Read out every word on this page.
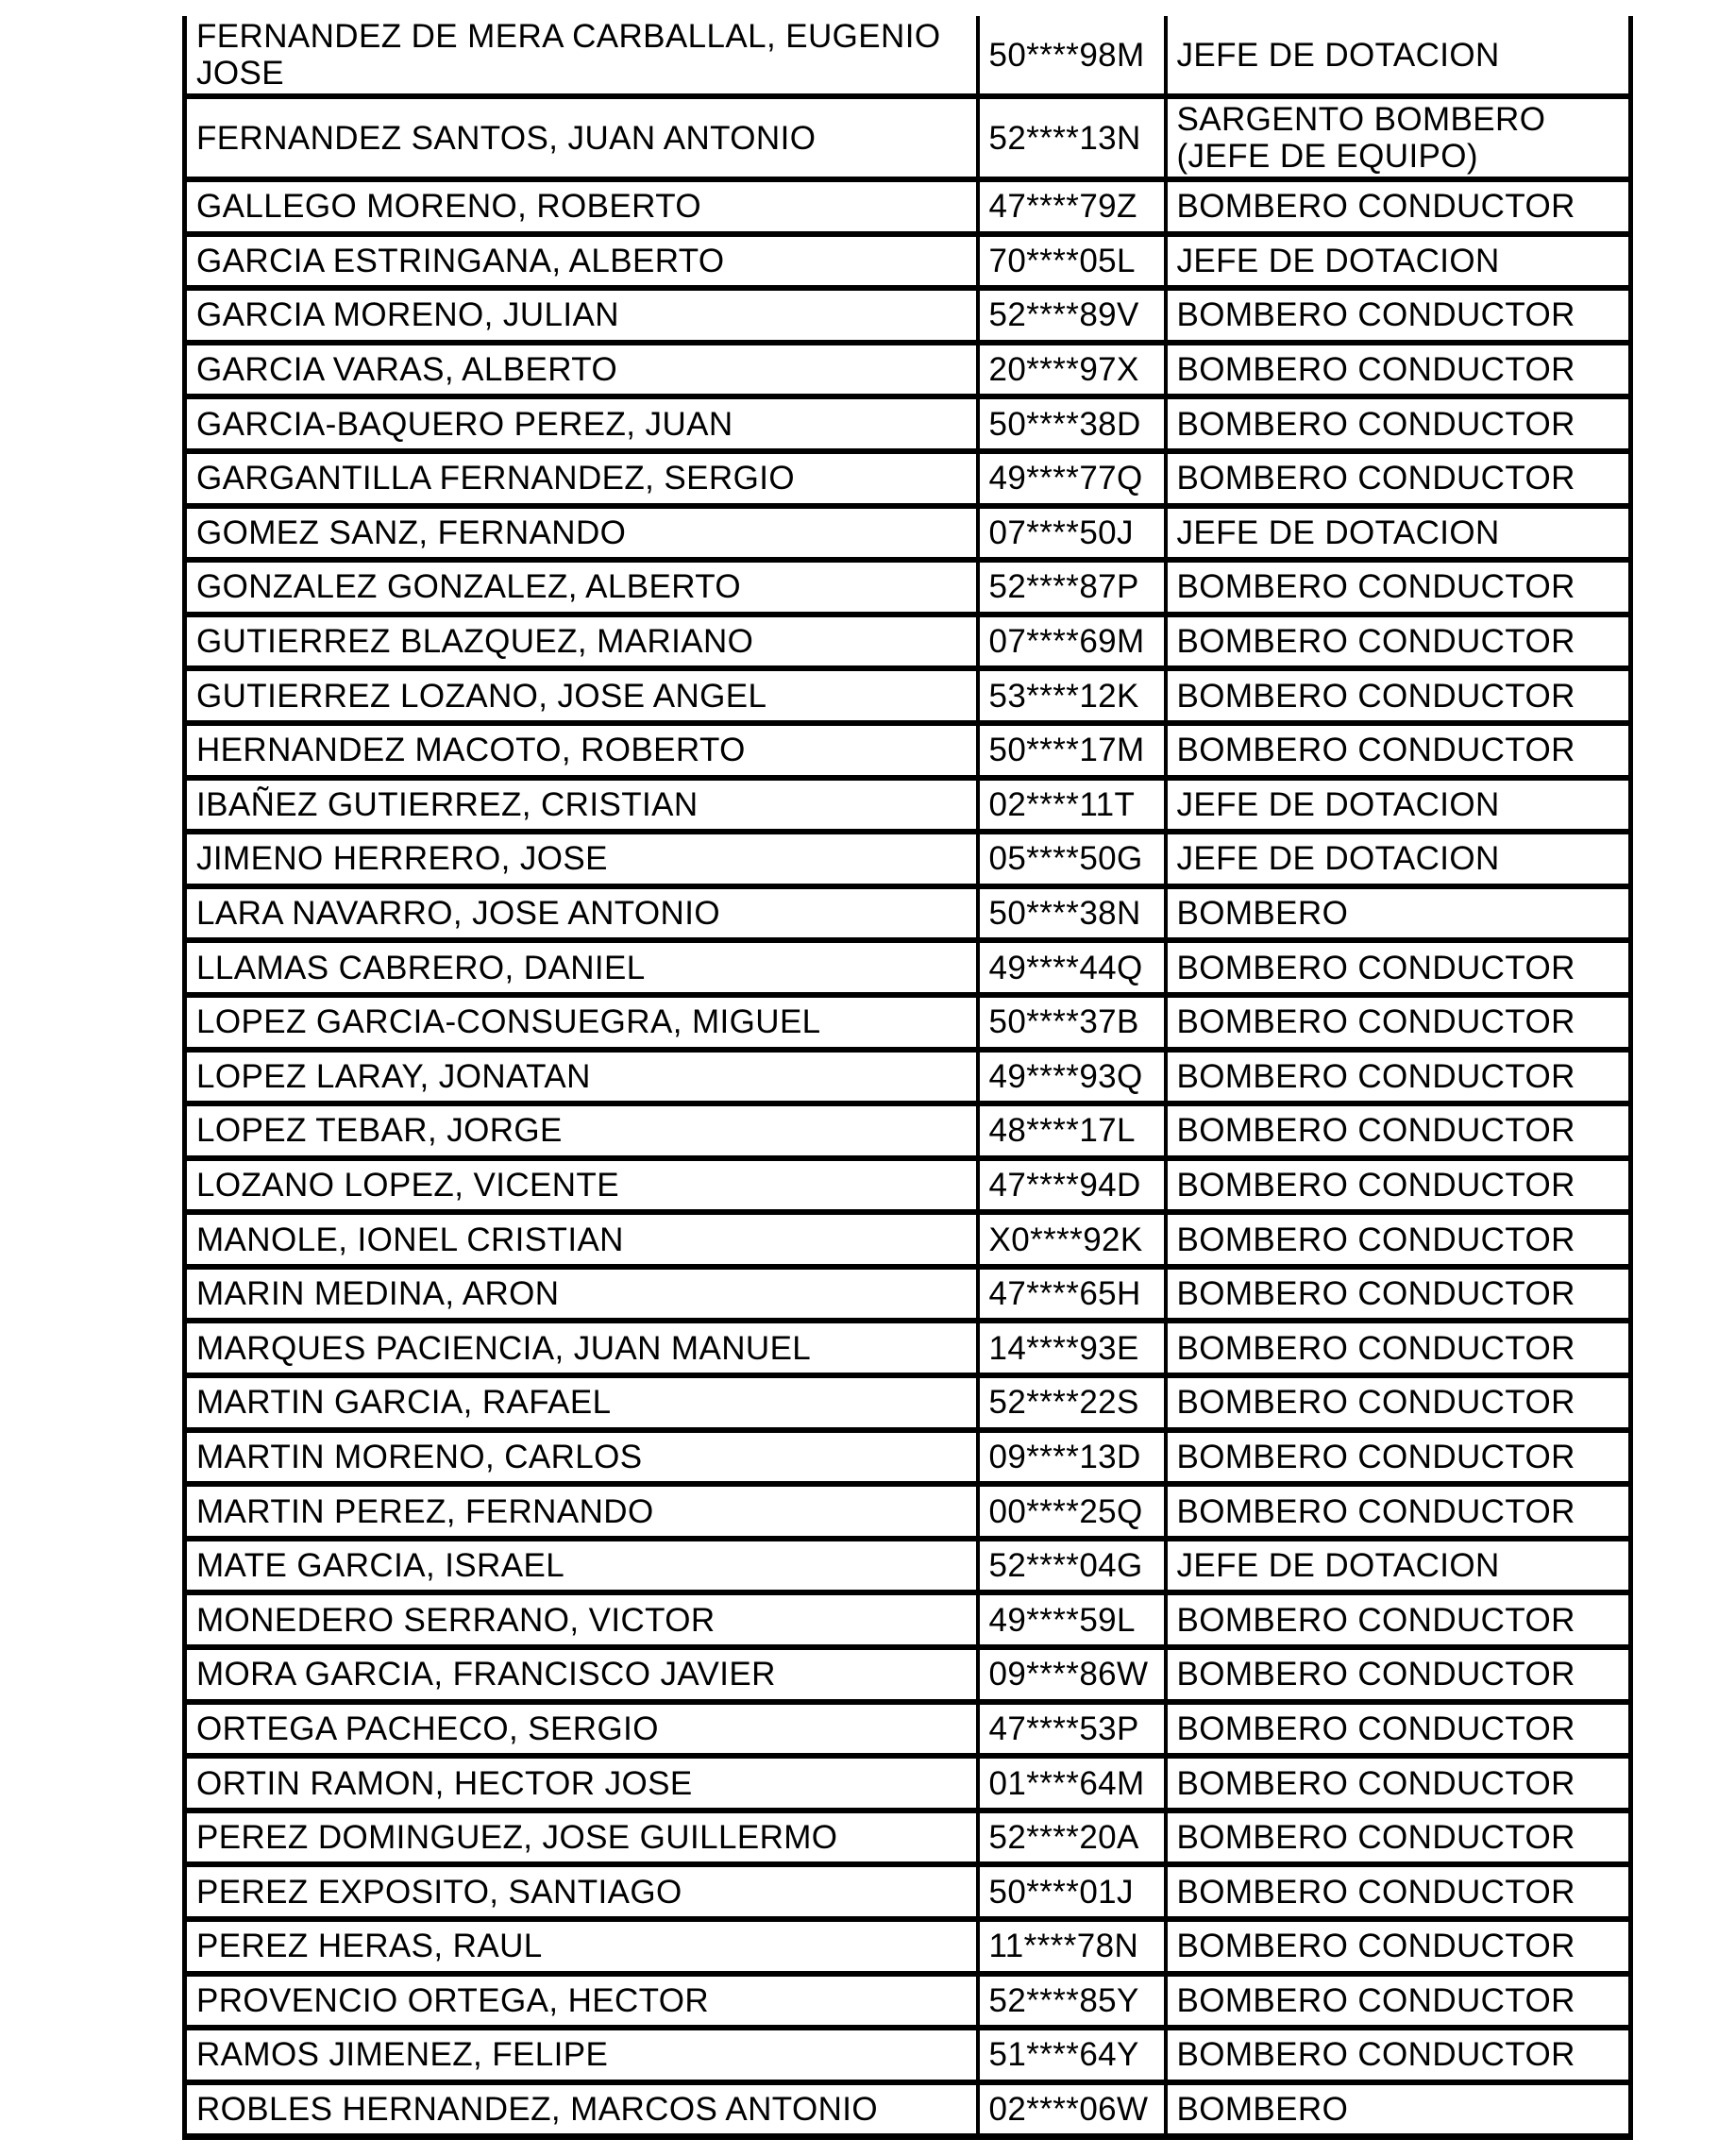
FERNANDEZ DE MERA CARBALLAL, EUGENIO JOSE	50****98M	JEFE DE DOTACION
FERNANDEZ SANTOS, JUAN ANTONIO	52****13N	SARGENTO BOMBERO (JEFE DE EQUIPO)
GALLEGO MORENO, ROBERTO	47****79Z	BOMBERO CONDUCTOR
GARCIA ESTRINGANA, ALBERTO	70****05L	JEFE DE DOTACION
GARCIA MORENO, JULIAN	52****89V	BOMBERO CONDUCTOR
GARCIA VARAS, ALBERTO	20****97X	BOMBERO CONDUCTOR
GARCIA-BAQUERO PEREZ, JUAN	50****38D	BOMBERO CONDUCTOR
GARGANTILLA FERNANDEZ, SERGIO	49****77Q	BOMBERO CONDUCTOR
GOMEZ SANZ, FERNANDO	07****50J	JEFE DE DOTACION
GONZALEZ GONZALEZ, ALBERTO	52****87P	BOMBERO CONDUCTOR
GUTIERREZ BLAZQUEZ, MARIANO	07****69M	BOMBERO CONDUCTOR
GUTIERREZ LOZANO, JOSE ANGEL	53****12K	BOMBERO CONDUCTOR
HERNANDEZ MACOTO, ROBERTO	50****17M	BOMBERO CONDUCTOR
IBAÑEZ GUTIERREZ, CRISTIAN	02****11T	JEFE DE DOTACION
JIMENO HERRERO, JOSE	05****50G	JEFE DE DOTACION
LARA NAVARRO, JOSE ANTONIO	50****38N	BOMBERO
LLAMAS CABRERO, DANIEL	49****44Q	BOMBERO CONDUCTOR
LOPEZ GARCIA-CONSUEGRA, MIGUEL	50****37B	BOMBERO CONDUCTOR
LOPEZ LARAY, JONATAN	49****93Q	BOMBERO CONDUCTOR
LOPEZ TEBAR, JORGE	48****17L	BOMBERO CONDUCTOR
LOZANO LOPEZ, VICENTE	47****94D	BOMBERO CONDUCTOR
MANOLE, IONEL CRISTIAN	X0****92K	BOMBERO CONDUCTOR
MARIN MEDINA, ARON	47****65H	BOMBERO CONDUCTOR
MARQUES PACIENCIA, JUAN MANUEL	14****93E	BOMBERO CONDUCTOR
MARTIN GARCIA, RAFAEL	52****22S	BOMBERO CONDUCTOR
MARTIN MORENO, CARLOS	09****13D	BOMBERO CONDUCTOR
MARTIN PEREZ, FERNANDO	00****25Q	BOMBERO CONDUCTOR
MATE GARCIA, ISRAEL	52****04G	JEFE DE DOTACION
MONEDERO SERRANO, VICTOR	49****59L	BOMBERO CONDUCTOR
MORA GARCIA, FRANCISCO JAVIER	09****86W	BOMBERO CONDUCTOR
ORTEGA PACHECO, SERGIO	47****53P	BOMBERO CONDUCTOR
ORTIN RAMON, HECTOR JOSE	01****64M	BOMBERO CONDUCTOR
PEREZ DOMINGUEZ, JOSE GUILLERMO	52****20A	BOMBERO CONDUCTOR
PEREZ EXPOSITO, SANTIAGO	50****01J	BOMBERO CONDUCTOR
PEREZ HERAS, RAUL	11****78N	BOMBERO CONDUCTOR
PROVENCIO ORTEGA, HECTOR	52****85Y	BOMBERO CONDUCTOR
RAMOS JIMENEZ, FELIPE	51****64Y	BOMBERO CONDUCTOR
ROBLES HERNANDEZ, MARCOS ANTONIO	02****06W	BOMBERO
